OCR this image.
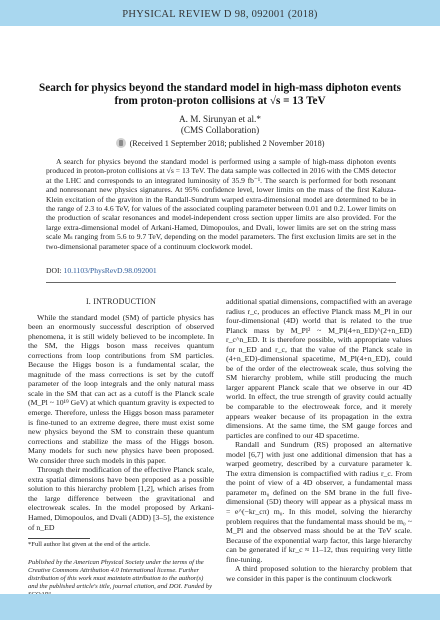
PHYSICAL REVIEW D 98, 092001 (2018)
Search for physics beyond the standard model in high-mass diphoton events from proton-proton collisions at √s = 13 TeV
A. M. Sirunyan et al.*
(CMS Collaboration)
(Received 1 September 2018; published 2 November 2018)
A search for physics beyond the standard model is performed using a sample of high-mass diphoton events produced in proton-proton collisions at √s = 13 TeV. The data sample was collected in 2016 with the CMS detector at the LHC and corresponds to an integrated luminosity of 35.9 fb⁻¹. The search is performed for both resonant and nonresonant new physics signatures. At 95% confidence level, lower limits on the mass of the first Kaluza-Klein excitation of the graviton in the Randall-Sundrum warped extra-dimensional model are determined to be in the range of 2.3 to 4.6 TeV, for values of the associated coupling parameter between 0.01 and 0.2. Lower limits on the production of scalar resonances and model-independent cross section upper limits are also provided. For the large extra-dimensional model of Arkani-Hamed, Dimopoulos, and Dvali, lower limits are set on the string mass scale Mₛ ranging from 5.6 to 9.7 TeV, depending on the model parameters. The first exclusion limits are set in the two-dimensional parameter space of a continuum clockwork model.
DOI: 10.1103/PhysRevD.98.092001
I. INTRODUCTION

While the standard model (SM) of particle physics has been an enormously successful description of observed phenomena, it is still widely believed to be incomplete. In the SM, the Higgs boson mass receives quantum corrections from loop contributions from SM particles. Because the Higgs boson is a fundamental scalar, the magnitude of the mass corrections is set by the cutoff parameter of the loop integrals and the only natural mass scale in the SM that can act as a cutoff is the Planck scale (M_Pl ~ 10¹⁹ GeV) at which quantum gravity is expected to emerge. Therefore, unless the Higgs boson mass parameter is fine-tuned to an extreme degree, there must exist some new physics beyond the SM to constrain these quantum corrections and stabilize the mass of the Higgs boson. Many models for such new physics have been proposed. We consider three such models in this paper.

Through their modification of the effective Planck scale, extra spatial dimensions have been proposed as a possible solution to this hierarchy problem [1,2], which arises from the large difference between the gravitational and electroweak scales. In the model proposed by Arkani-Hamed, Dimopoulos, and Dvali (ADD) [3–5], the existence of n_ED

additional spatial dimensions, compactified with an average radius r_c, produces an effective Planck mass M_Pl in our four-dimensional (4D) world that is related to the true Planck mass by M_Pl² ~ M_Pl(4+n_ED)^(2+n_ED) r_c^n_ED. It is therefore possible, with appropriate values for n_ED and r_c, that the value of the Planck scale in (4+n_ED)-dimensional spacetime, M_Pl(4+n_ED), could be of the order of the electroweak scale, thus solving the SM hierarchy problem, while still producing the much larger apparent Planck scale that we observe in our 4D world. In effect, the true strength of gravity could actually be comparable to the electroweak force, and it merely appears weaker because of its propagation in the extra dimensions. At the same time, the SM gauge forces and particles are confined to our 4D spacetime.

Randall and Sundrum (RS) proposed an alternative model [6,7] with just one additional dimension that has a warped geometry, described by a curvature parameter k. The extra dimension is compactified with radius r_c. From the point of view of a 4D observer, a fundamental mass parameter m₀ defined on the SM brane in the full five-dimensional (5D) theory will appear as a physical mass m = e^(−kr_cπ) m₀. In this model, solving the hierarchy problem requires that the fundamental mass should be m₀ ~ M_Pl and the observed mass should be at the TeV scale. Because of the exponential warp factor, this large hierarchy can be generated if kr_c ≈ 11–12, thus requiring very little fine-tuning.

A third proposed solution to the hierarchy problem that we consider in this paper is the continuum clockwork

*Full author list given at the end of the article.
Published by the American Physical Society under the terms of the Creative Commons Attribution 4.0 International license. Further distribution of this work must maintain attribution to the author(s) and the published article's title, journal citation, and DOI. Funded by
